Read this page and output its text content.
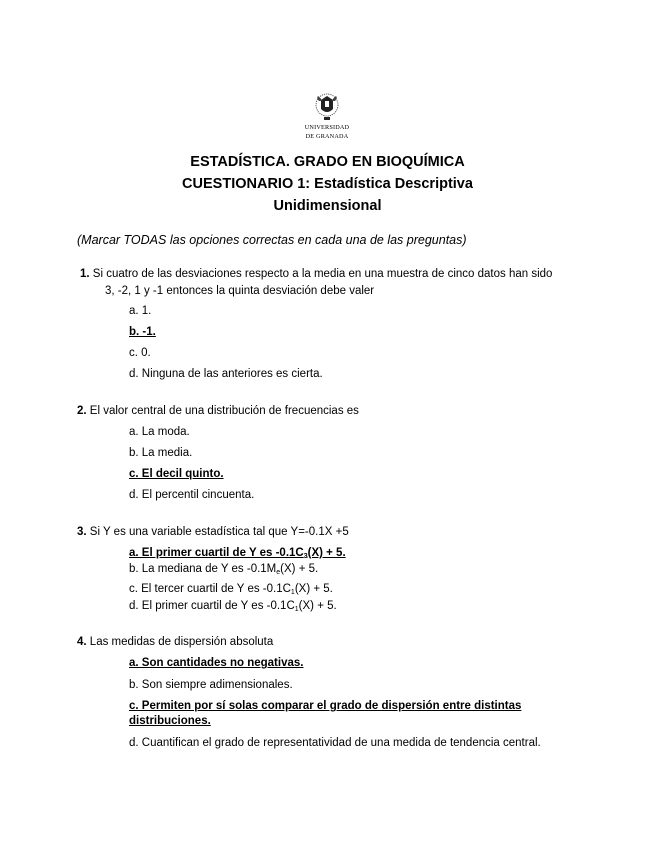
UNIVERSIDAD
DE GRANADA
ESTADÍSTICA. GRADO EN BIOQUÍMICA
CUESTIONARIO 1: Estadística Descriptiva
Unidimensional
(Marcar TODAS las opciones correctas en cada una de las preguntas)
1. Si cuatro de las desviaciones respecto a la media en una muestra de cinco datos han sido
3, -2, 1 y -1 entonces la quinta desviación debe valer
a. 1.
b. -1.
c. 0.
d. Ninguna de las anteriores es cierta.
2. El valor central de una distribución de frecuencias es
a. La moda.
b. La media.
c. El decil quinto.
d. El percentil cincuenta.
3. Si Y es una variable estadística tal que Y=-0.1X +5
a. El primer cuartil de Y es $-0.1C_3(X) + 5$.
b. La mediana de Y es $-0.1M_e(X) + 5$.
c. El tercer cuartil de Y es $-0.1C_1(X) + 5$.
d. El primer cuartil de Y es $-0.1C_1(X) + 5$.
4. Las medidas de dispersión absoluta
a. Son cantidades no negativas.
b. Son siempre adimensionales.
c. Permiten por sí solas comparar el grado de dispersión entre distintas
distribuciones.
d. Cuantifican el grado de representatividad de una medida de tendencia central.
